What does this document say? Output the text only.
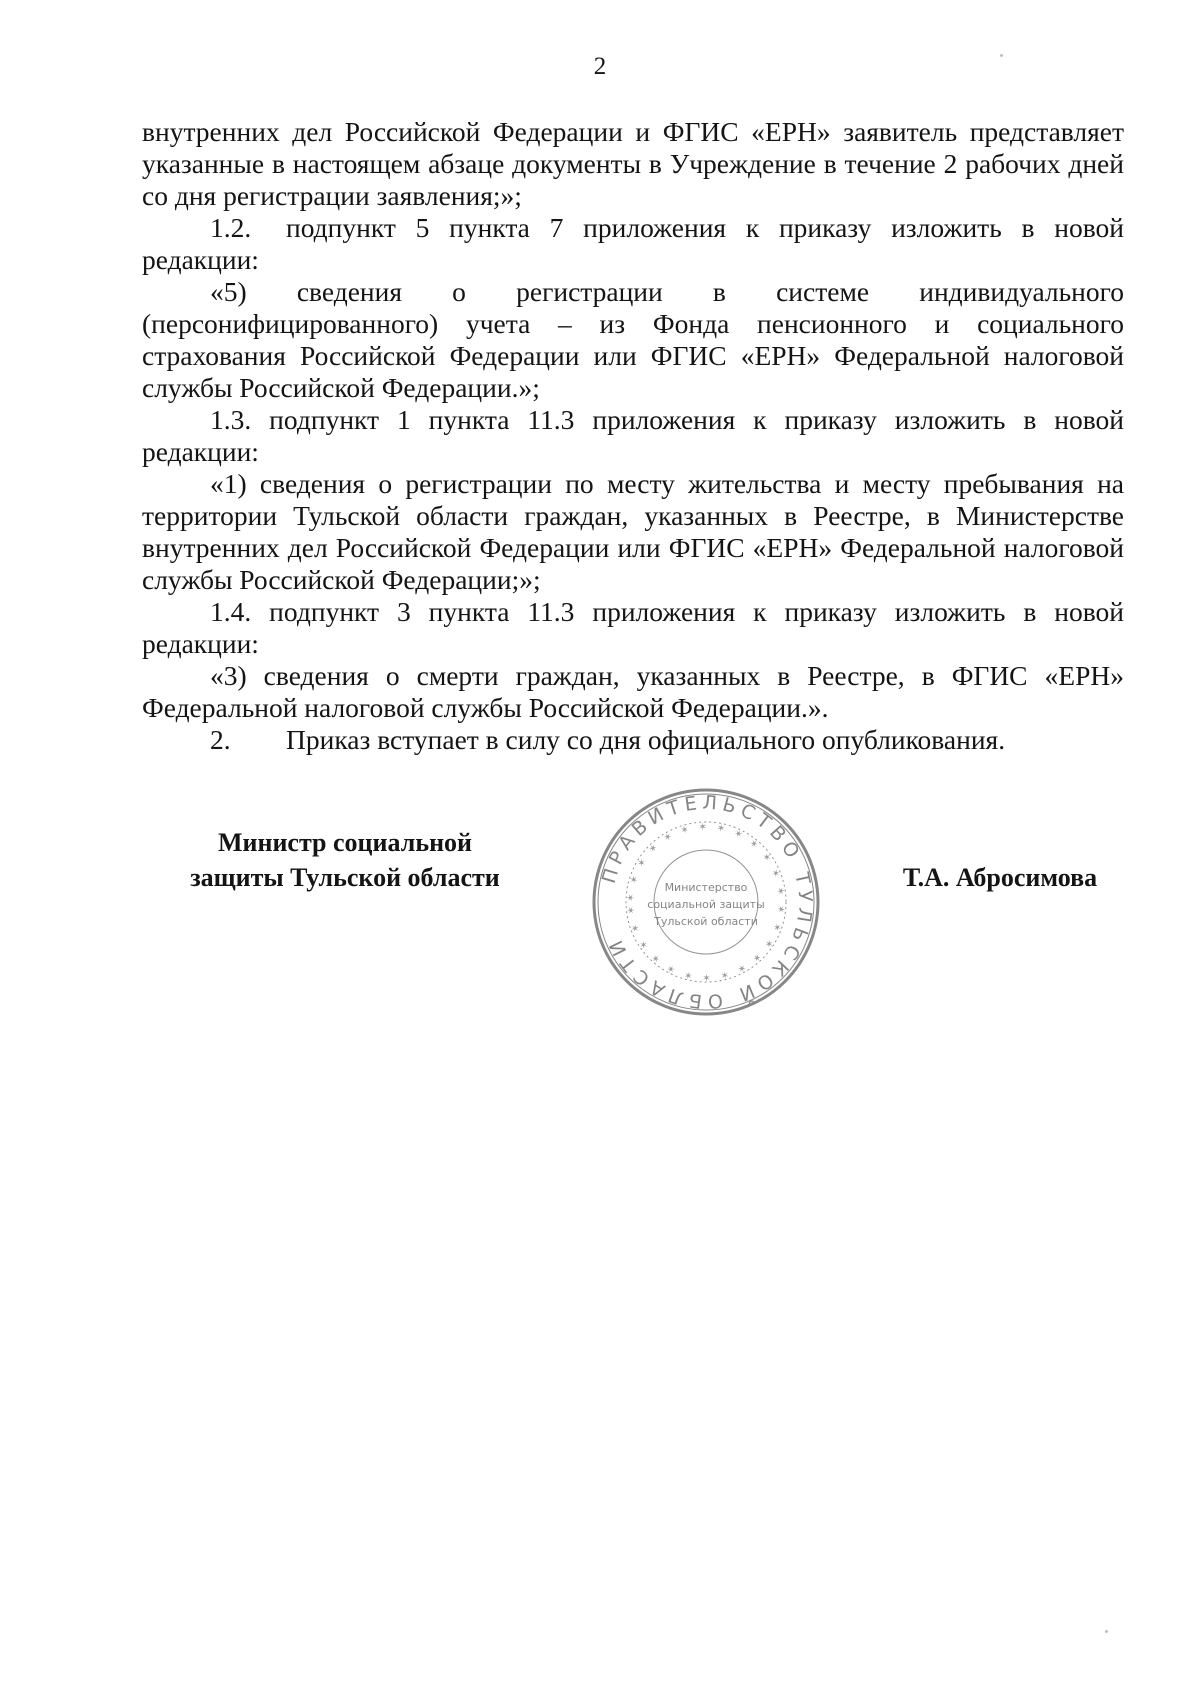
2

внутренних дел Российской Федерации и ФГИС «ЕРН» заявитель представляет указанные в настоящем абзаце документы в Учреждение в течение 2 рабочих дней со дня регистрации заявления;»;

1.2. подпункт 5 пункта 7 приложения к приказу изложить в новой редакции:

«5) сведения о регистрации в системе индивидуального (персонифицированного) учета – из Фонда пенсионного и социального страхования Российской Федерации или ФГИС «ЕРН» Федеральной налоговой службы Российской Федерации.»;

1.3. подпункт 1 пункта 11.3 приложения к приказу изложить в новой редакции:

«1) сведения о регистрации по месту жительства и месту пребывания на территории Тульской области граждан, указанных в Реестре, в Министерстве внутренних дел Российской Федерации или ФГИС «ЕРН» Федеральной налоговой службы Российской Федерации;»;

1.4. подпункт 3 пункта 11.3 приложения к приказу изложить в новой редакции:

«3) сведения о смерти граждан, указанных в Реестре, в ФГИС «ЕРН» Федеральной налоговой службы Российской Федерации.».

2. Приказ вступает в силу со дня официального опубликования.

Министр социальной
защиты Тульской области	ПРАВИТЕЛЬСТВО ТУЛЬСКОЙ ОБЛАСТИ
✶ ✶ ✶ ✶ ✶ ✶ ✶ ✶ ✶ ✶ ✶ ✶ ✶ ✶ ✶ ✶ ✶ ✶ ✶ ✶ ✶ ✶ ✶ ✶ ✶ ✶
Министерство
социальной защиты
Тульской области
Т.А. Абросимова
